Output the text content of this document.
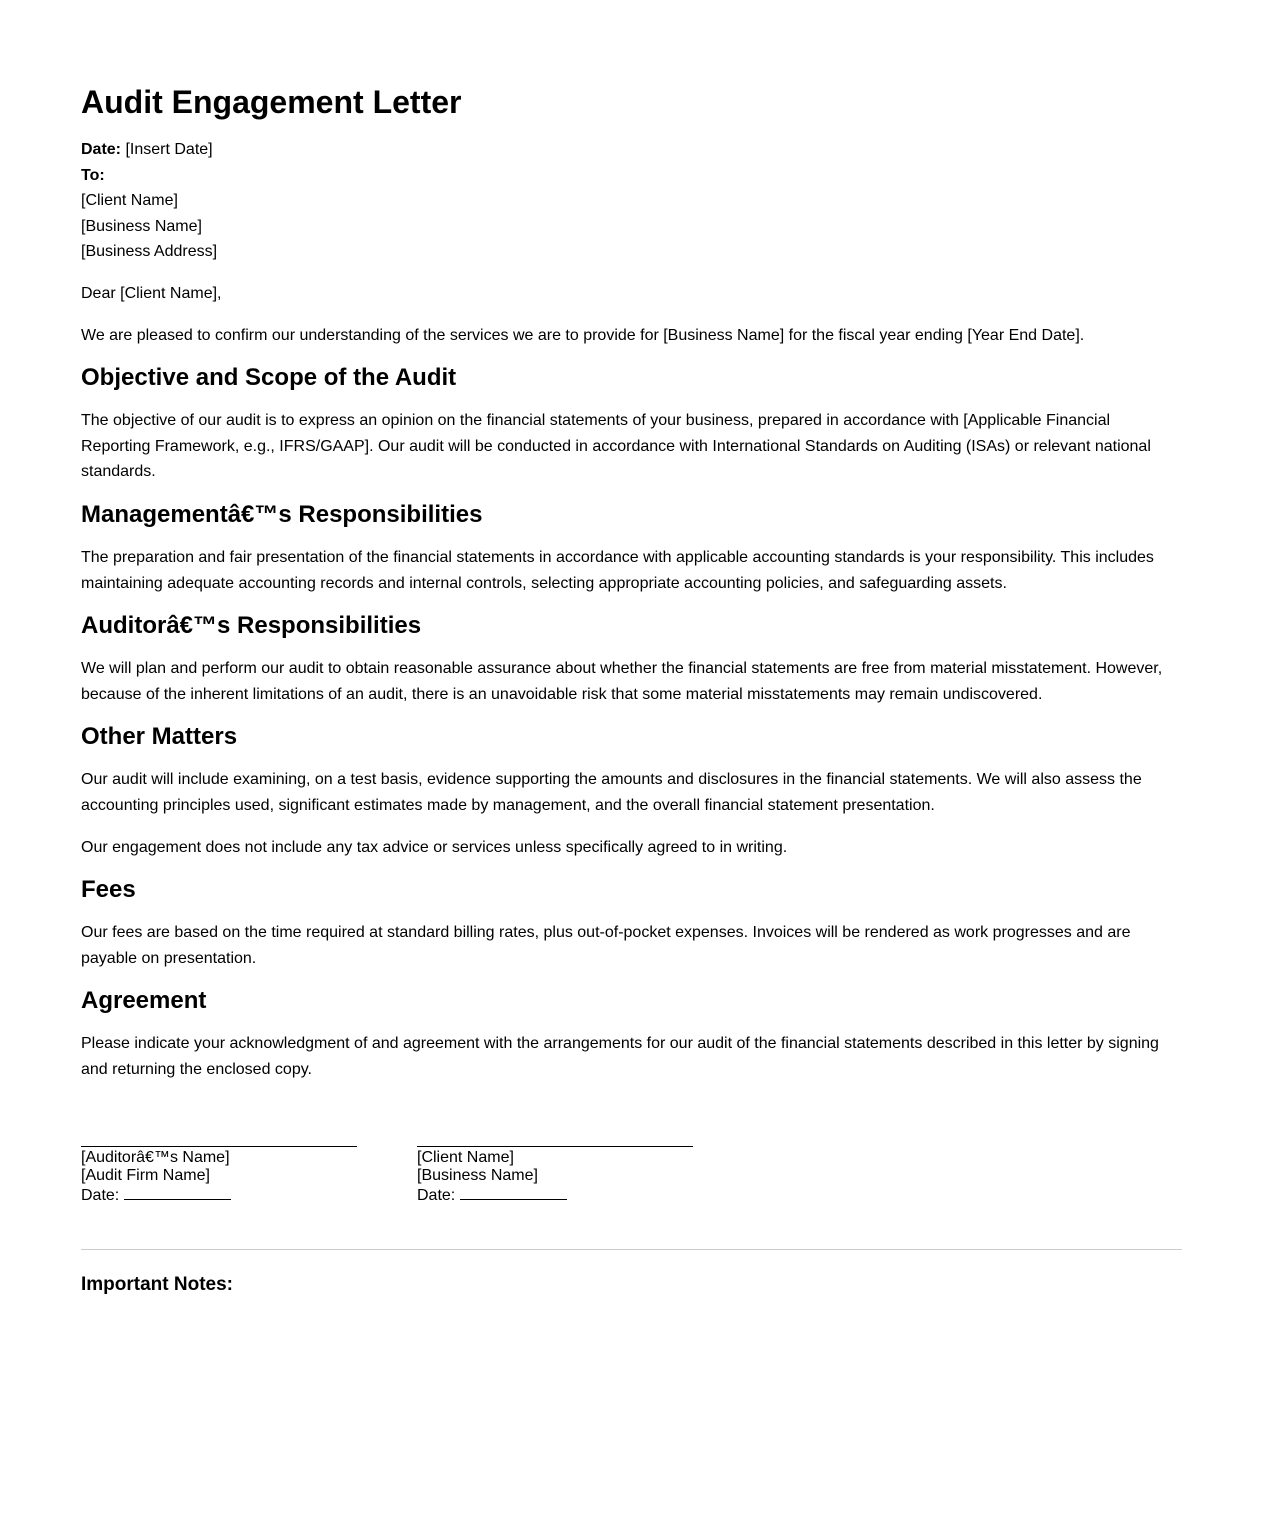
Audit Engagement Letter
Date: [Insert Date]
To:
[Client Name]
[Business Name]
[Business Address]

Dear [Client Name],

We are pleased to confirm our understanding of the services we are to provide for [Business Name] for the fiscal year ending [Year End Date].

Objective and Scope of the Audit

The objective of our audit is to express an opinion on the financial statements of your business, prepared in accordance with [Applicable Financial Reporting Framework, e.g., IFRS/GAAP]. Our audit will be conducted in accordance with International Standards on Auditing (ISAs) or relevant national standards.

Managementâ€™s Responsibilities

The preparation and fair presentation of the financial statements in accordance with applicable accounting standards is your responsibility. This includes maintaining adequate accounting records and internal controls, selecting appropriate accounting policies, and safeguarding assets.

Auditorâ€™s Responsibilities

We will plan and perform our audit to obtain reasonable assurance about whether the financial statements are free from material misstatement. However, because of the inherent limitations of an audit, there is an unavoidable risk that some material misstatements may remain undiscovered.

Other Matters

Our audit will include examining, on a test basis, evidence supporting the amounts and disclosures in the financial statements. We will also assess the accounting principles used, significant estimates made by management, and the overall financial statement presentation.

Our engagement does not include any tax advice or services unless specifically agreed to in writing.

Fees

Our fees are based on the time required at standard billing rates, plus out-of-pocket expenses. Invoices will be rendered as work progresses and are payable on presentation.

Agreement

Please indicate your acknowledgment of and agreement with the arrangements for our audit of the financial statements described in this letter by signing and returning the enclosed copy.

[Auditorâ€™s Name]
[Audit Firm Name]
Date:
[Client Name]
[Business Name]
Date:
Important Notes:
